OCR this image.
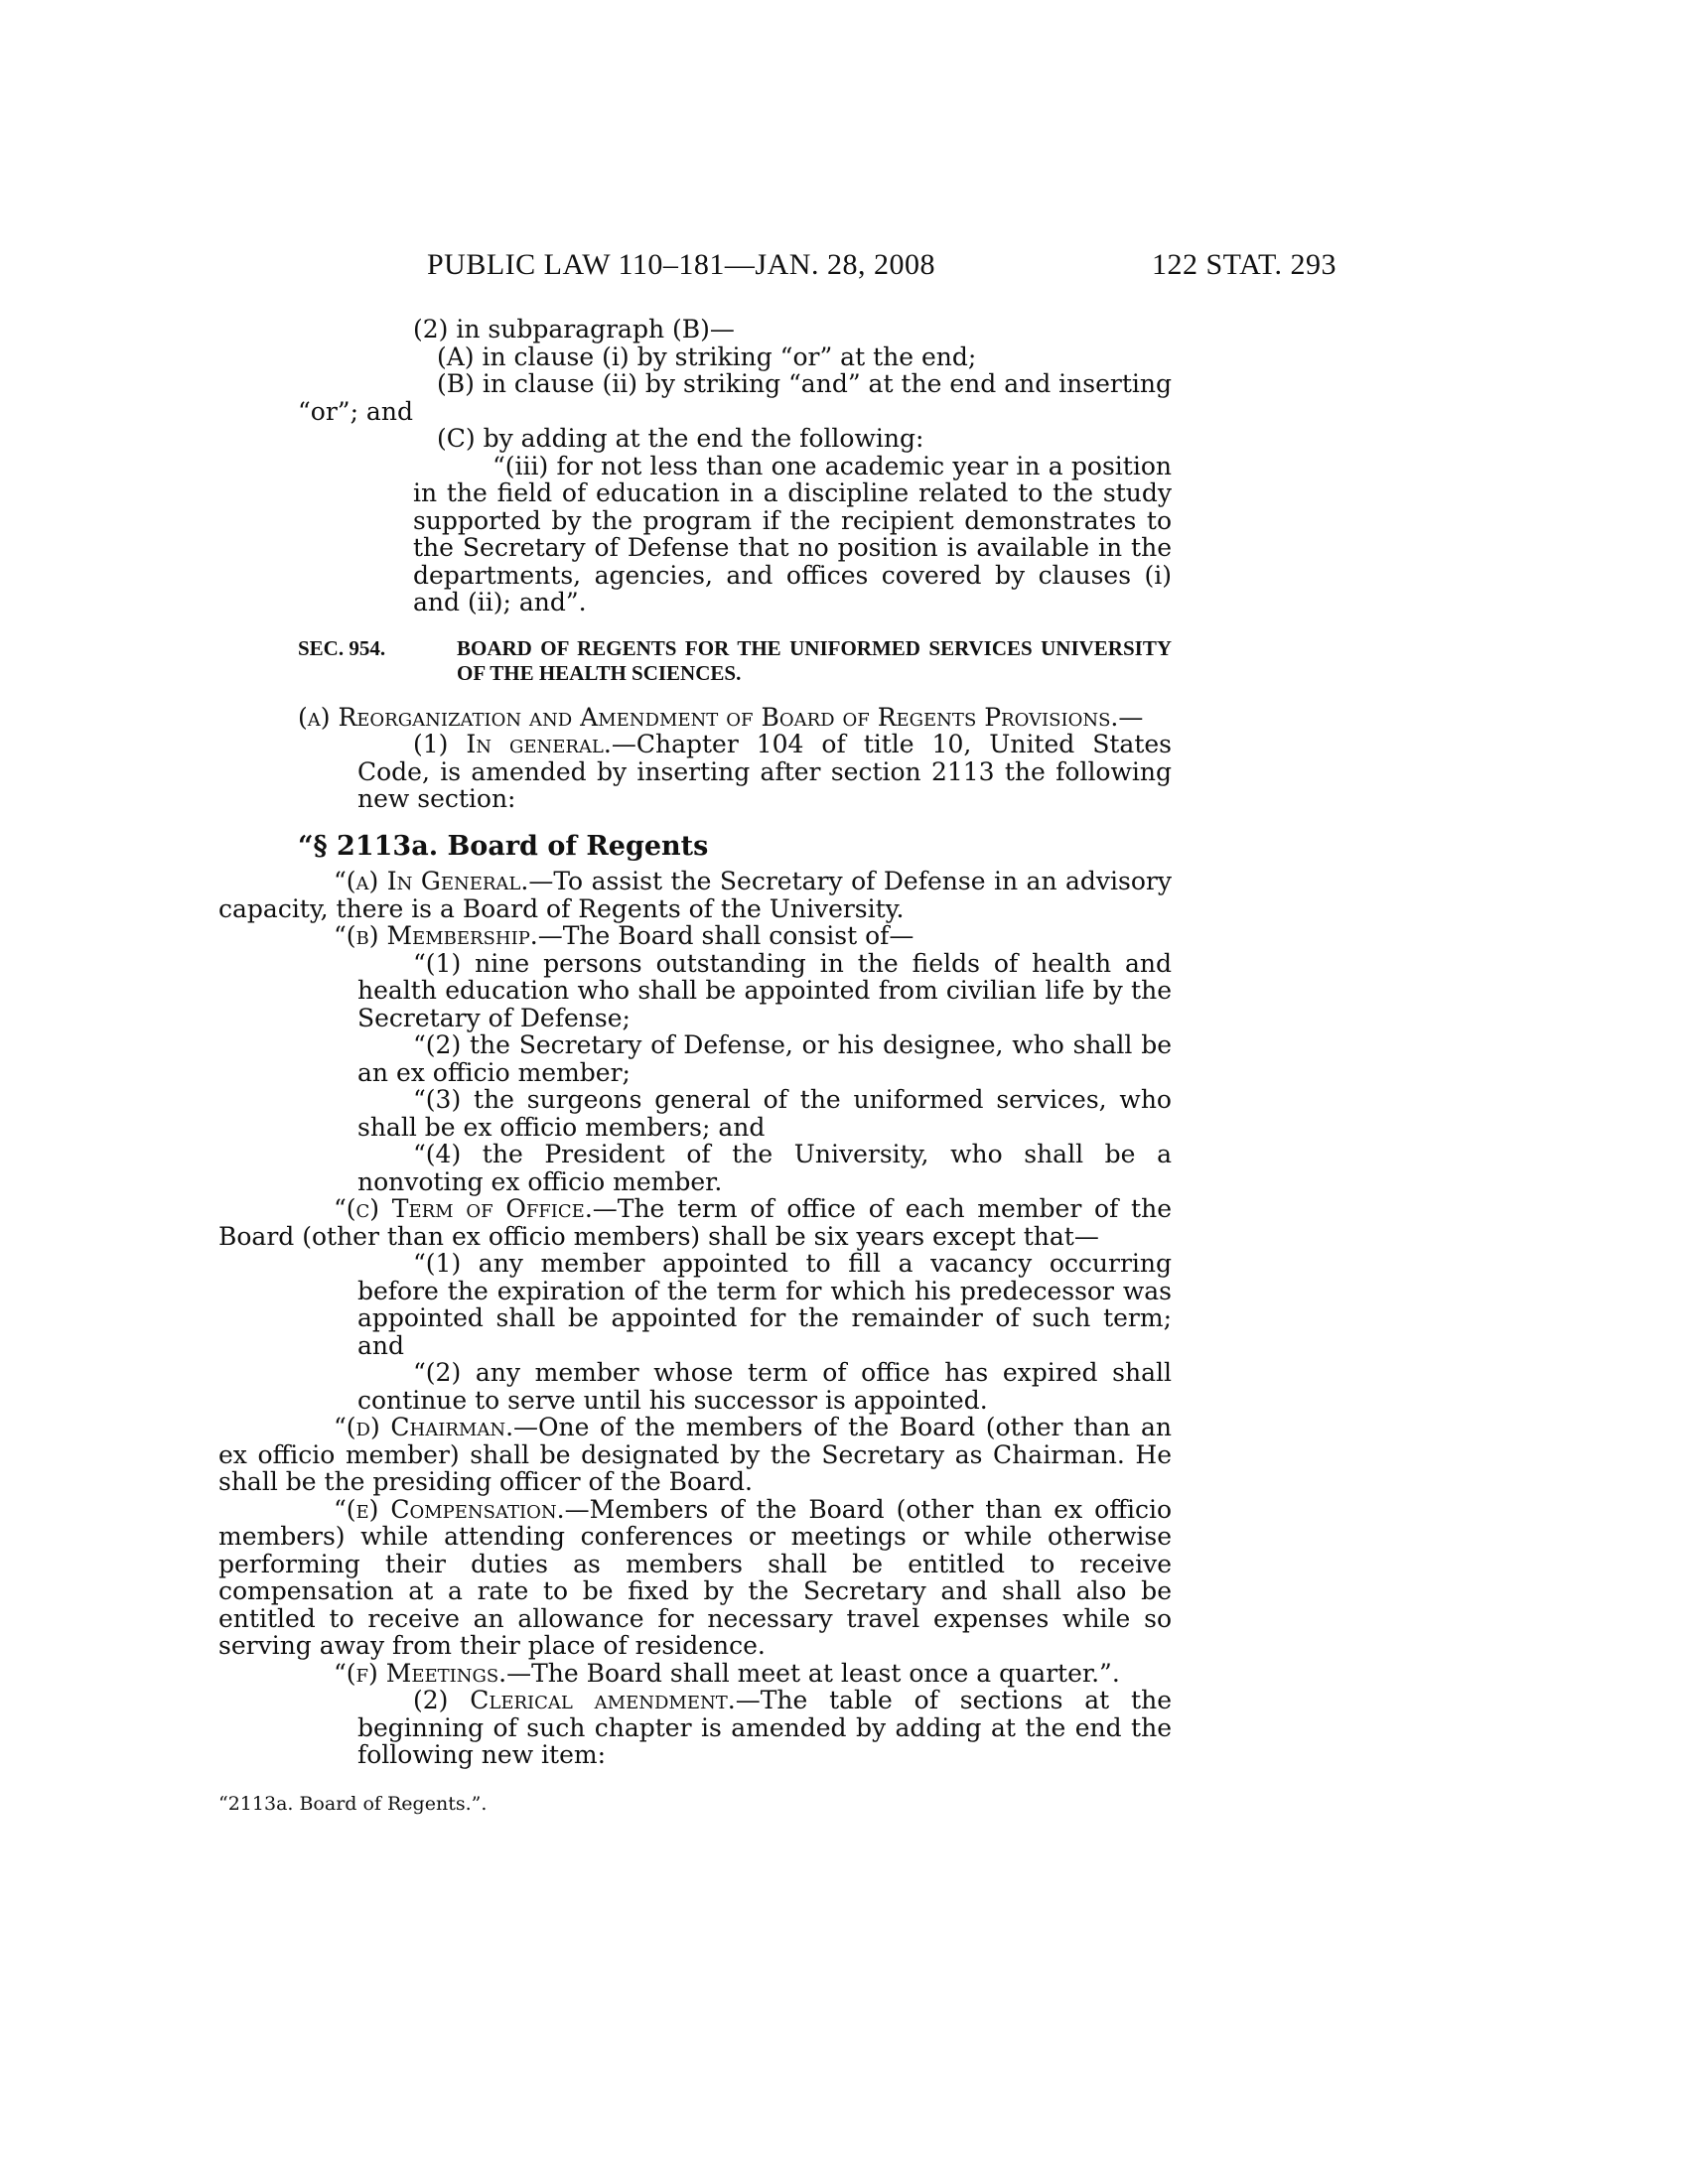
PUBLIC LAW 110–181—JAN. 28, 2008	122 STAT. 293

(2) in subparagraph (B)—

(A) in clause (i) by striking “or” at the end;

(B) in clause (ii) by striking “and” at the end and inserting “or”; and

(C) by adding at the end the following:

“(iii) for not less than one academic year in a position in the field of education in a discipline related to the study supported by the program if the recipient demonstrates to the Secretary of Defense that no position is available in the departments, agencies, and offices covered by clauses (i) and (ii); and”.

SEC. 954.	BOARD OF REGENTS FOR THE UNIFORMED SERVICES UNIVERSITY OF THE HEALTH SCIENCES.

(a) Reorganization and Amendment of Board of Regents Provisions.—

(1) In general.—Chapter 104 of title 10, United States Code, is amended by inserting after section 2113 the following new section:

“§ 2113a. Board of Regents

“(a) In General.—To assist the Secretary of Defense in an advisory capacity, there is a Board of Regents of the University.

“(b) Membership.—The Board shall consist of—

“(1) nine persons outstanding in the fields of health and health education who shall be appointed from civilian life by the Secretary of Defense;

“(2) the Secretary of Defense, or his designee, who shall be an ex officio member;

“(3) the surgeons general of the uniformed services, who shall be ex officio members; and

“(4) the President of the University, who shall be a nonvoting ex officio member.

“(c) Term of Office.—The term of office of each member of the Board (other than ex officio members) shall be six years except that—

“(1) any member appointed to fill a vacancy occurring before the expiration of the term for which his predecessor was appointed shall be appointed for the remainder of such term; and

“(2) any member whose term of office has expired shall continue to serve until his successor is appointed.

“(d) Chairman.—One of the members of the Board (other than an ex officio member) shall be designated by the Secretary as Chairman. He shall be the presiding officer of the Board.

“(e) Compensation.—Members of the Board (other than ex officio members) while attending conferences or meetings or while otherwise performing their duties as members shall be entitled to receive compensation at a rate to be fixed by the Secretary and shall also be entitled to receive an allowance for necessary travel expenses while so serving away from their place of residence.

“(f) Meetings.—The Board shall meet at least once a quarter.”.

(2) Clerical amendment.—The table of sections at the beginning of such chapter is amended by adding at the end the following new item:

“2113a. Board of Regents.”.
